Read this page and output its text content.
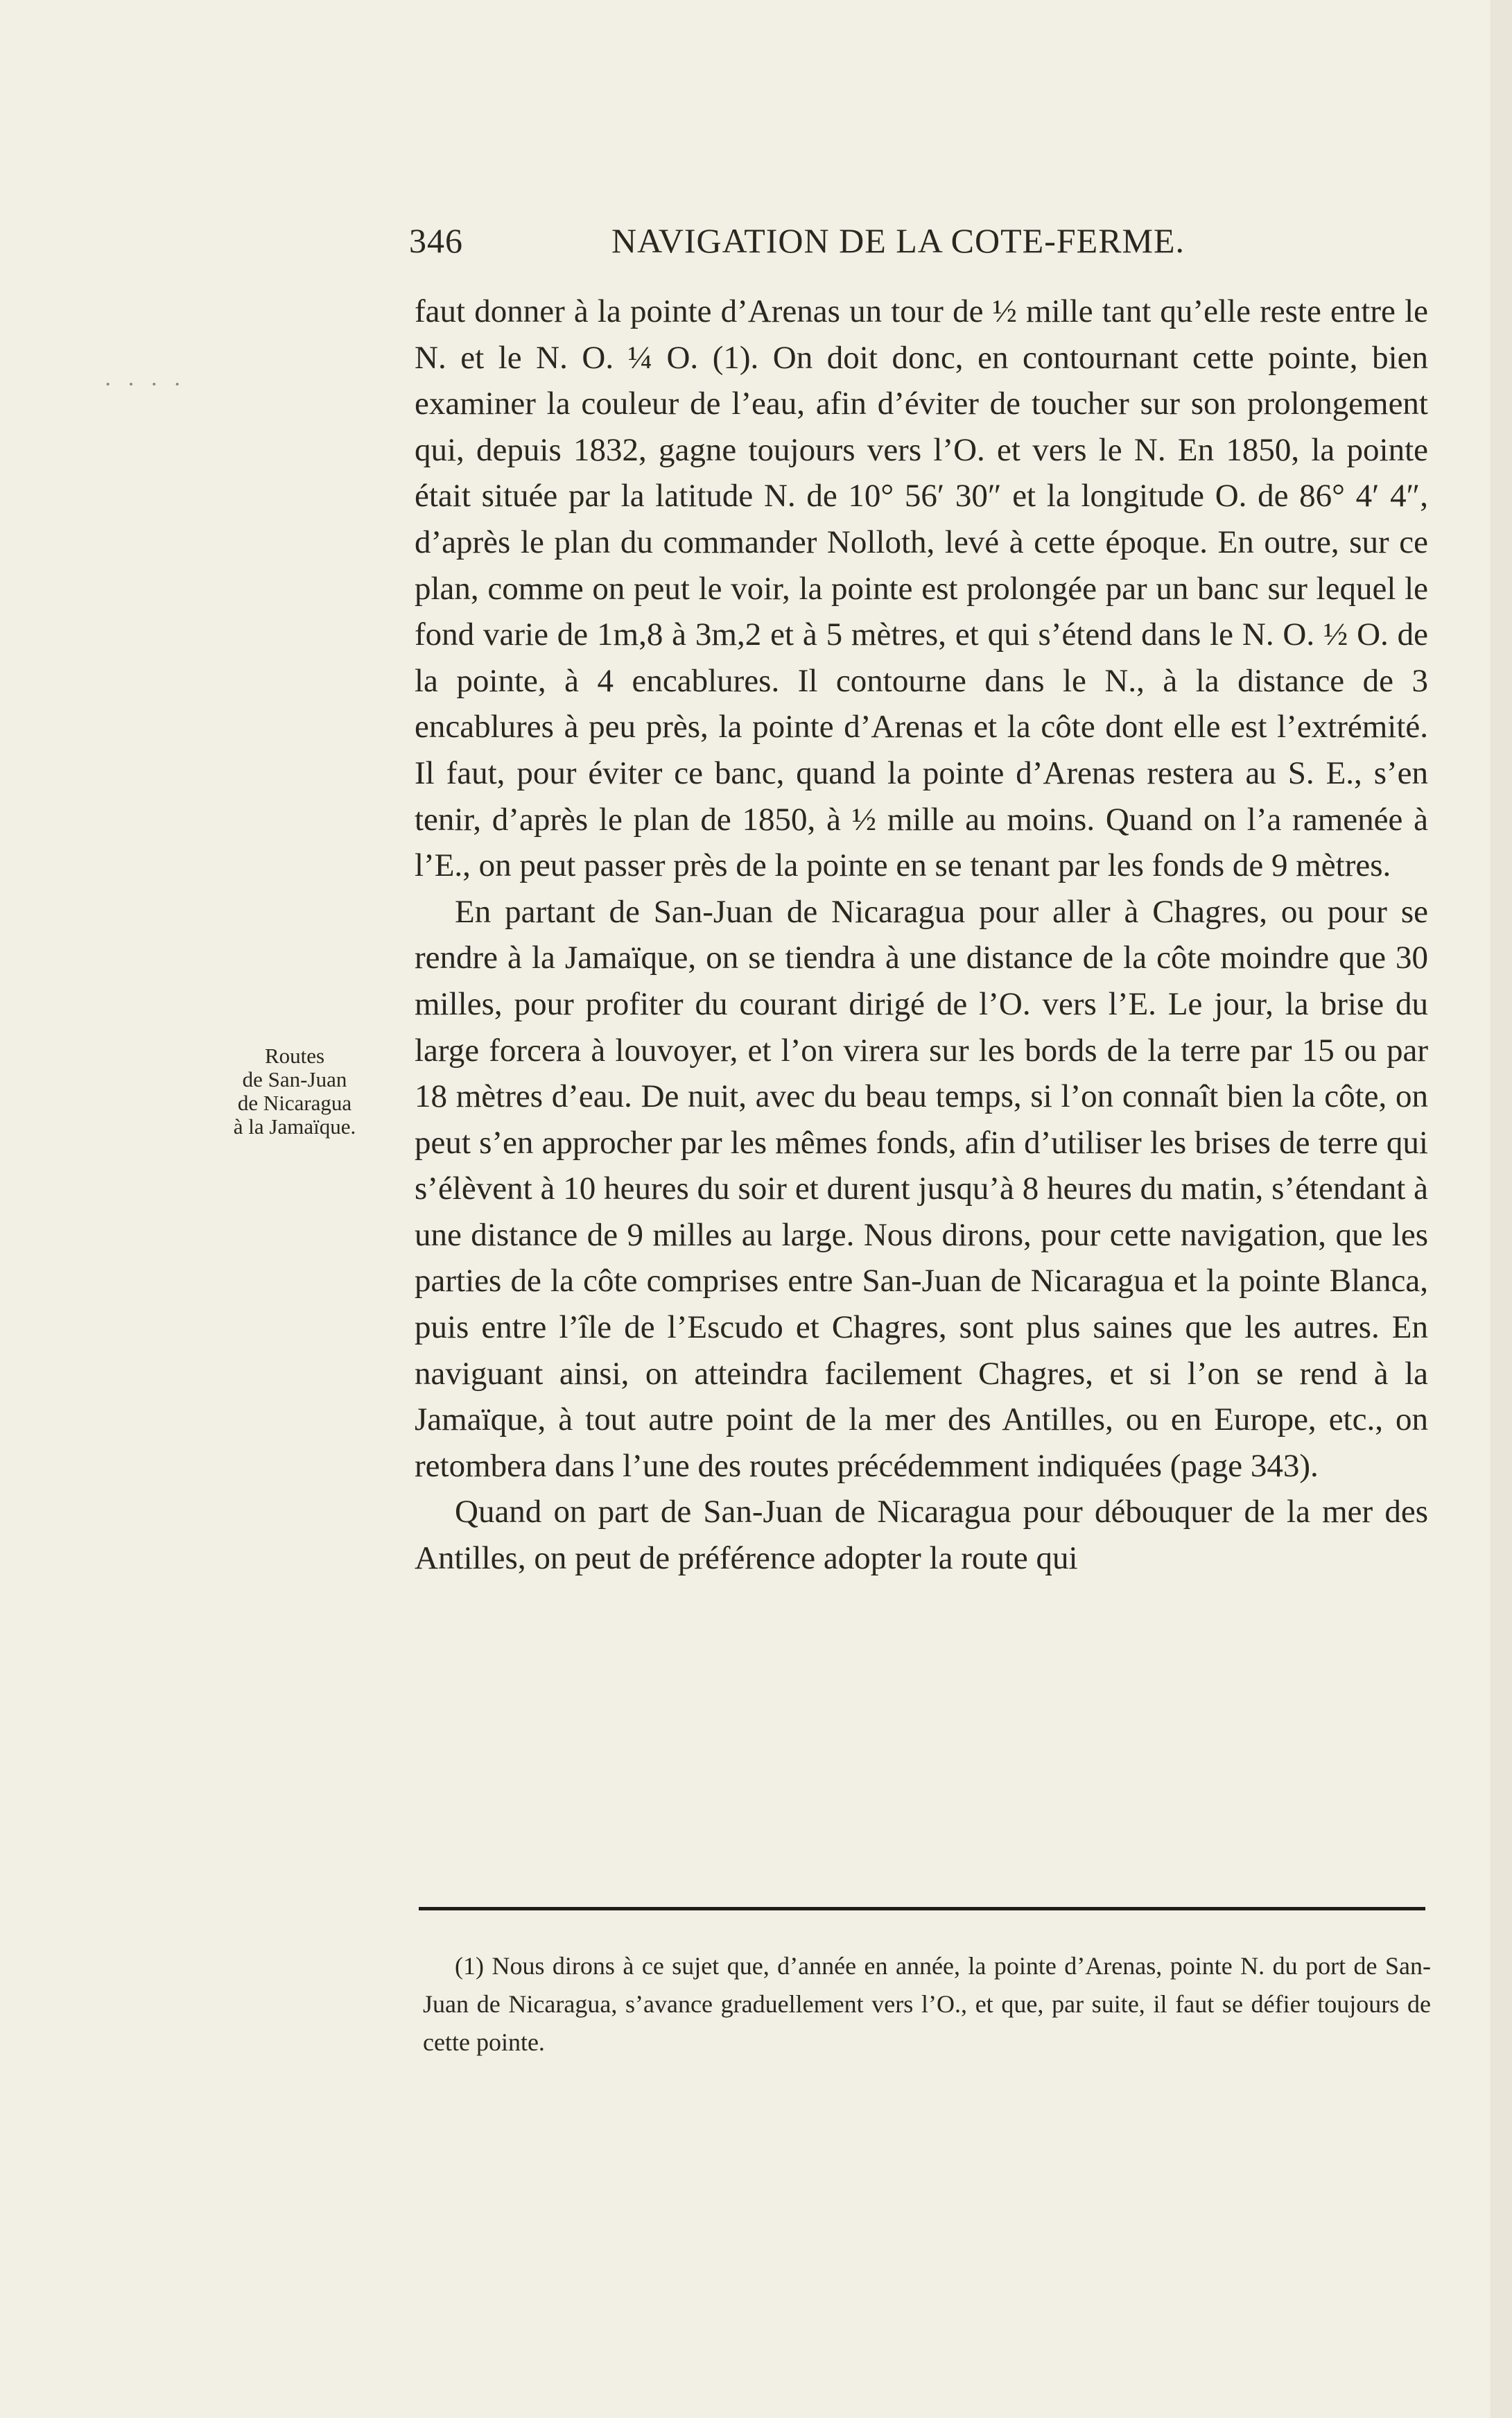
····
346	NAVIGATION DE LA COTE-FERME.
Routes
de San-Juan
de Nicaragua
à la Jamaïque.

faut donner à la pointe d’Arenas un tour de ½ mille tant qu’elle reste entre le N. et le N. O. ¼ O. (1). On doit donc, en contournant cette pointe, bien examiner la couleur de l’eau, afin d’éviter de toucher sur son prolongement qui, depuis 1832, gagne toujours vers l’O. et vers le N. En 1850, la pointe était située par la latitude N. de 10° 56′ 30″ et la longitude O. de 86° 4′ 4″, d’après le plan du commander Nolloth, levé à cette époque. En outre, sur ce plan, comme on peut le voir, la pointe est prolongée par un banc sur lequel le fond varie de 1m,8 à 3m,2 et à 5 mètres, et qui s’étend dans le N. O. ½ O. de la pointe, à 4 encablures. Il contourne dans le N., à la distance de 3 encablures à peu près, la pointe d’Arenas et la côte dont elle est l’extrémité. Il faut, pour éviter ce banc, quand la pointe d’Arenas restera au S. E., s’en tenir, d’après le plan de 1850, à ½ mille au moins. Quand on l’a ramenée à l’E., on peut passer près de la pointe en se tenant par les fonds de 9 mètres.

En partant de San-Juan de Nicaragua pour aller à Chagres, ou pour se rendre à la Jamaïque, on se tiendra à une distance de la côte moindre que 30 milles, pour profiter du courant dirigé de l’O. vers l’E. Le jour, la brise du large forcera à louvoyer, et l’on virera sur les bords de la terre par 15 ou par 18 mètres d’eau. De nuit, avec du beau temps, si l’on connaît bien la côte, on peut s’en approcher par les mêmes fonds, afin d’utiliser les brises de terre qui s’élèvent à 10 heures du soir et durent jusqu’à 8 heures du matin, s’étendant à une distance de 9 milles au large. Nous dirons, pour cette navigation, que les parties de la côte comprises entre San-Juan de Nicaragua et la pointe Blanca, puis entre l’île de l’Escudo et Chagres, sont plus saines que les autres. En naviguant ainsi, on atteindra facilement Chagres, et si l’on se rend à la Jamaïque, à tout autre point de la mer des Antilles, ou en Europe, etc., on retombera dans l’une des routes précédemment indiquées (page 343).

Quand on part de San-Juan de Nicaragua pour débouquer de la mer des Antilles, on peut de préférence adopter la route qui

(1) Nous dirons à ce sujet que, d’année en année, la pointe d’Arenas, pointe N. du port de San-Juan de Nicaragua, s’avance graduellement vers l’O., et que, par suite, il faut se défier toujours de cette pointe.
